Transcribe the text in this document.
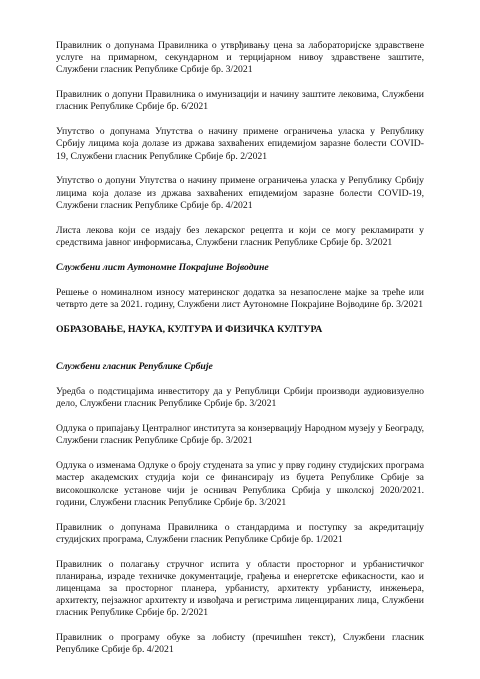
Правилник о допунама Правилника о утврђивању цена за лабораторијске здравствене услуге на примарном, секундарном и терцијарном нивоу здравствене заштите, Службени гласник Републике Србије бр. 3/2021

Правилник о допуни Правилника о имунизацији и начину заштите лековима, Службени гласник Републике Србије бр. 6/2021

Упутство о допунама Упутства о начину примене ограничења уласка у Републику Србију лицима која долазе из држава захваћених епидемијом заразне болести COVID-19, Службени гласник Републике Србије бр. 2/2021

Упутство о допуни Упутства о начину примене ограничења уласка у Републику Србију лицима која долазе из држава захваћених епидемијом заразне болести COVID-19, Службени гласник Републике Србије бр. 4/2021

Листа лекова који се издају без лекарског рецепта и који се могу рекламирати у средствима јавног информисања, Службени гласник Републике Србије бр. 3/2021

Службени лист Аутономне Покрајине Војводине

Решење о номиналном износу материнског додатка за незапослене мајке за треће или четврто дете за 2021. годину, Службени лист Аутономне Покрајине Војводине бр. 3/2021

ОБРАЗОВАЊЕ, НАУКА, КУЛТУРА И ФИЗИЧКА КУЛТУРА

Службени гласник Републике Србије

Уредба о подстицајима инвеститору да у Републици Србији производи аудиовизуелно дело, Службени гласник Републике Србије бр. 3/2021

Одлука о припајању Централног института за конзервацију Народном музеју у Београду, Службени гласник Републике Србије бр. 3/2021

Одлука о изменама Одлуке о броју студената за упис у прву годину студијских програма мастер академских студија који се финансирају из буџета Републике Србије за високошколске установе чији је оснивач Република Србија у школској 2020/2021. години, Службени гласник Републике Србије бр. 3/2021

Правилник о допунама Правилника о стандардима и поступку за акредитацију студијских програма, Службени гласник Републике Србије бр. 1/2021

Правилник о полагању стручног испита у области просторног и урбанистичког планирања, израде техничке документације, грађења и енергетске ефикасности, као и лиценцама за просторног планера, урбанисту, архитекту урбанисту, инжењера, архитекту, пејзажног архитекту и извођача и регистрима лиценцираних лица, Службени гласник Републике Србије бр. 2/2021

Правилник о програму обуке за лобисту (пречишћен текст), Службени гласник Републике Србије бр. 4/2021
